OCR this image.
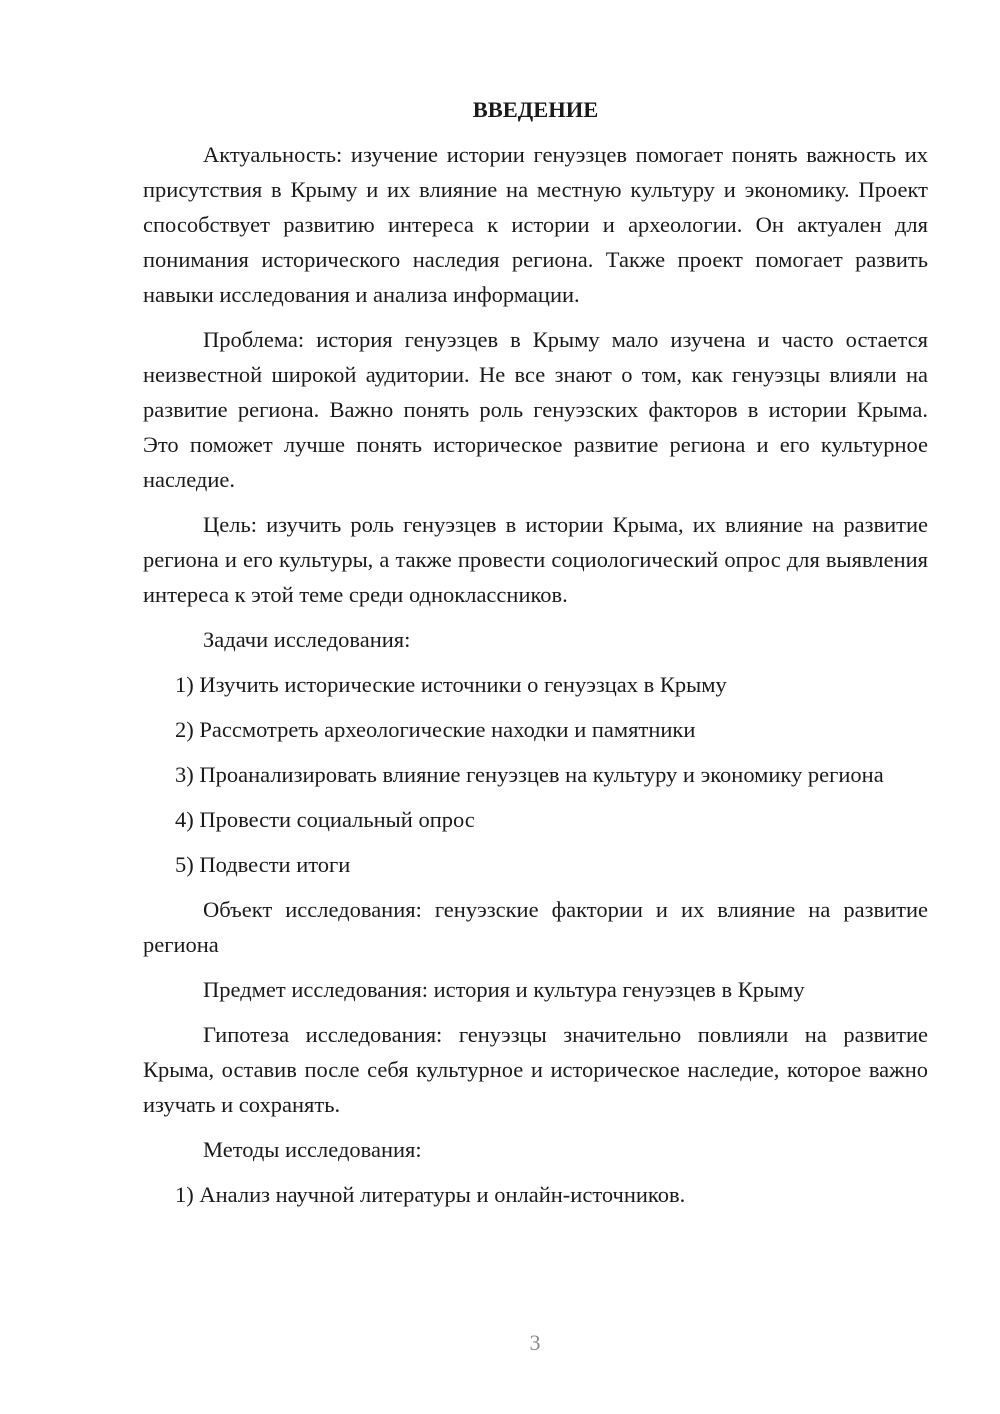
ВВЕДЕНИЕ

Актуальность: изучение истории генуэзцев помогает понять важность их присутствия в Крыму и их влияние на местную культуру и экономику. Проект способствует развитию интереса к истории и археологии. Он актуален для понимания исторического наследия региона. Также проект помогает развить навыки исследования и анализа информации.

Проблема: история генуэзцев в Крыму мало изучена и часто остается неизвестной широкой аудитории. Не все знают о том, как генуэзцы влияли на развитие региона. Важно понять роль генуэзских факторов в истории Крыма. Это поможет лучше понять историческое развитие региона и его культурное наследие.

Цель: изучить роль генуэзцев в истории Крыма, их влияние на развитие региона и его культуры, а также провести социологический опрос для выявления интереса к этой теме среди одноклассников.

Задачи исследования:

1) Изучить исторические источники о генуэзцах в Крыму

2) Рассмотреть археологические находки и памятники

3) Проанализировать влияние генуэзцев на культуру и экономику региона

4) Провести социальный опрос

5) Подвести итоги

Объект исследования: генуэзские фактории и их влияние на развитие региона

Предмет исследования: история и культура генуэзцев в Крыму

Гипотеза исследования: генуэзцы значительно повлияли на развитие Крыма, оставив после себя культурное и историческое наследие, которое важно изучать и сохранять.

Методы исследования:

1) Анализ научной литературы и онлайн-источников.

3
